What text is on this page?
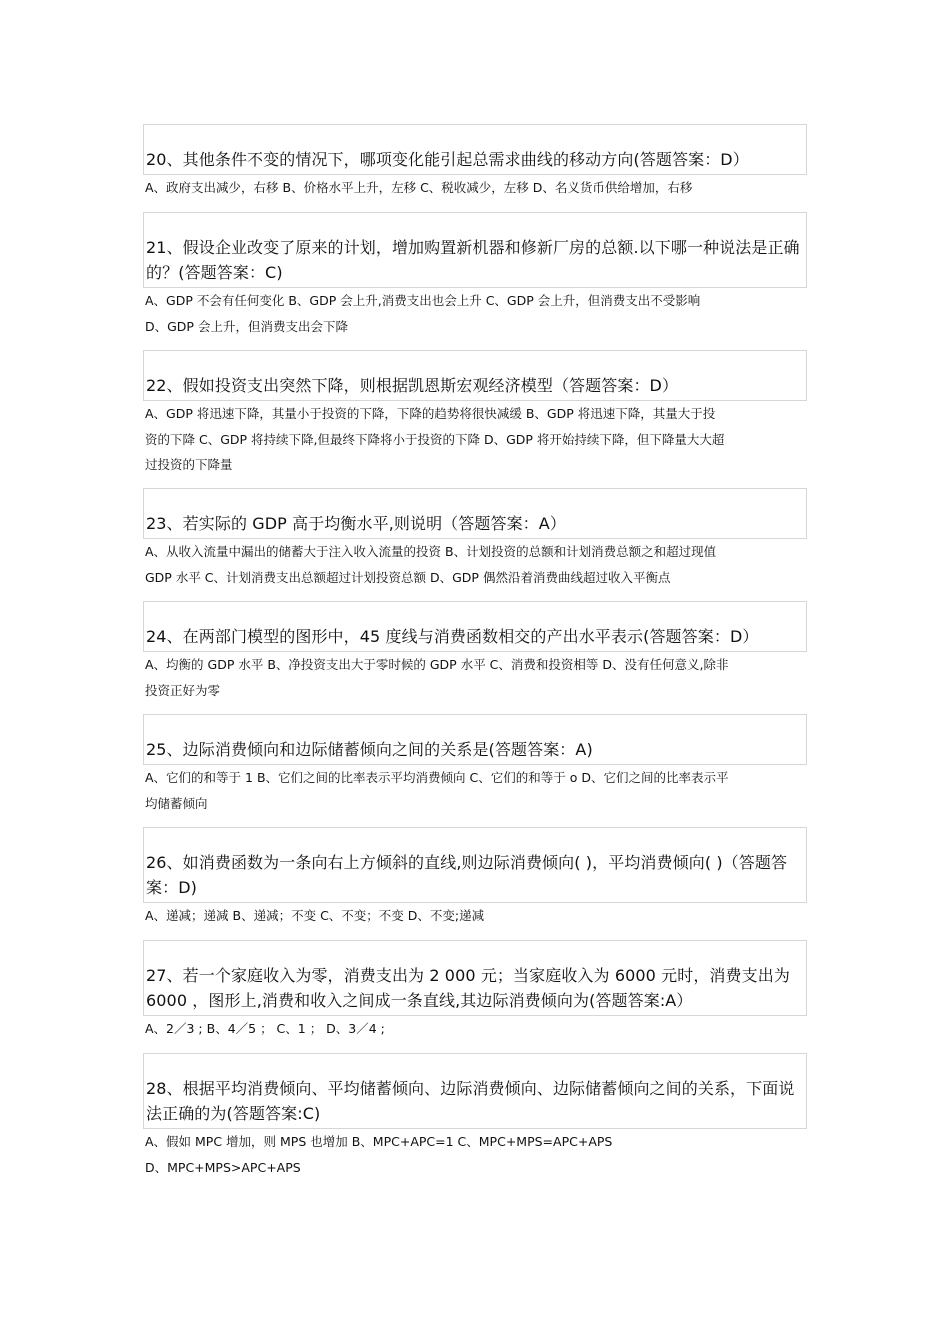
20、其他条件不变的情况下，哪项变化能引起总需求曲线的移动方向(答题答案：D）
A、政府支出减少，右移 B、价格水平上升，左移 C、税收减少，左移 D、名义货币供给增加，右移
21、假设企业改变了原来的计划，增加购置新机器和修新厂房的总额.以下哪一种说法是正确的？(答题答案：C)
A、GDP 不会有任何变化 B、GDP 会上升,消费支出也会上升 C、GDP 会上升，但消费支出不受影响
D、GDP 会上升，但消费支出会下降
22、假如投资支出突然下降，则根据凯恩斯宏观经济模型（答题答案：D）
A、GDP 将迅速下降，其量小于投资的下降，下降的趋势将很快减缓 B、GDP 将迅速下降，其量大于投
资的下降 C、GDP 将持续下降,但最终下降将小于投资的下降 D、GDP 将开始持续下降，但下降量大大超
过投资的下降量
23、若实际的 GDP 高于均衡水平,则说明（答题答案：A）
A、从收入流量中漏出的储蓄大于注入收入流量的投资 B、计划投资的总额和计划消费总额之和超过现值
GDP 水平 C、计划消费支出总额超过计划投资总额 D、GDP 偶然沿着消费曲线超过收入平衡点
24、在两部门模型的图形中，45 度线与消费函数相交的产出水平表示(答题答案：D）
A、均衡的 GDP 水平 B、净投资支出大于零时候的 GDP 水平 C、消费和投资相等 D、没有任何意义,除非
投资正好为零
25、边际消费倾向和边际储蓄倾向之间的关系是(答题答案：A)
A、它们的和等于 1 B、它们之间的比率表示平均消费倾向 C、它们的和等于 o D、它们之间的比率表示平
均储蓄倾向
26、如消费函数为一条向右上方倾斜的直线,则边际消费倾向( )，平均消费倾向( )（答题答案：D)
A、递减；递减 B、递减；不变 C、不变；不变 D、不变;递减
27、若一个家庭收入为零，消费支出为 2 000 元；当家庭收入为 6000 元时，消费支出为 6000 ，图形上,消费和收入之间成一条直线,其边际消费倾向为(答题答案:A）
A、2／3 ; B、4／5 ； C、1 ； D、3／4 ;
28、根据平均消费倾向、平均储蓄倾向、边际消费倾向、边际储蓄倾向之间的关系，下面说法正确的为(答题答案:C)
A、假如 MPC 增加，则 MPS 也增加 B、MPC+APC=1 C、MPC+MPS=APC+APS
D、MPC+MPS>APC+APS
